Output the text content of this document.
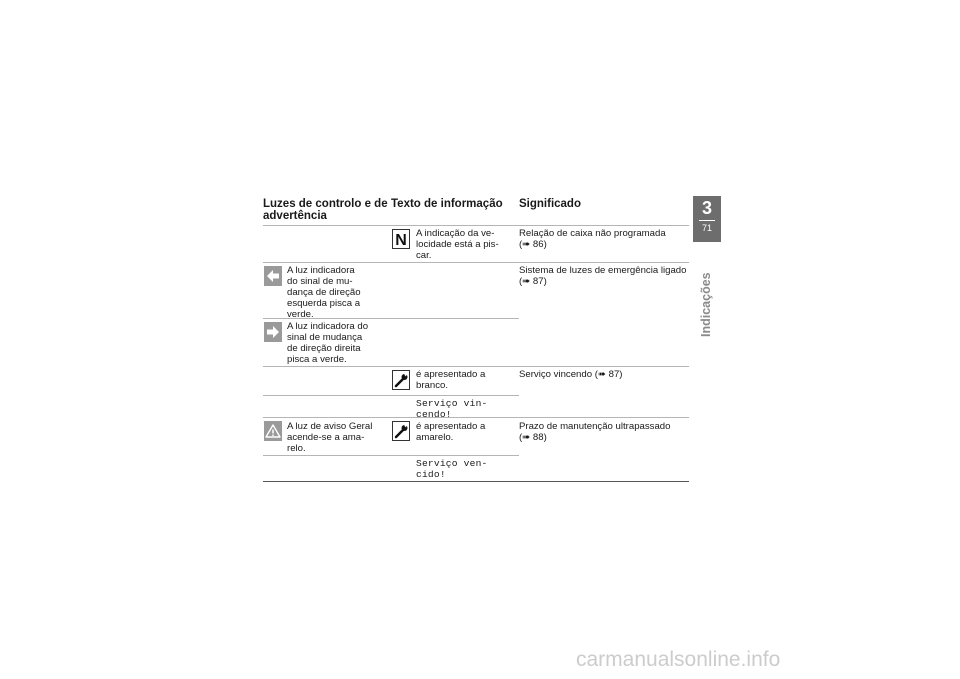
Luzes de controlo e de
advertência
Texto de informação Significado
N A indicação da ve-
locidade está a pis-
car.
Relação de caixa não programada
(➠ 86)
A luz indicadora
do sinal de mu-
dança de direção
esquerda pisca a
verde.
Sistema de luzes de emergência ligado
(➠ 87)
A luz indicadora do
sinal de mudança
de direção direita
pisca a verde.
é apresentado a
branco.
Serviço vincendo (➠ 87)
Serviço vin-
cendo!
A luz de aviso Geral
acende-se a ama-
relo.
é apresentado a
amarelo.
Prazo de manutenção ultrapassado
(➠ 88)
Serviço ven-
cido!
3
71
Indicações
carmanualsonline.info
